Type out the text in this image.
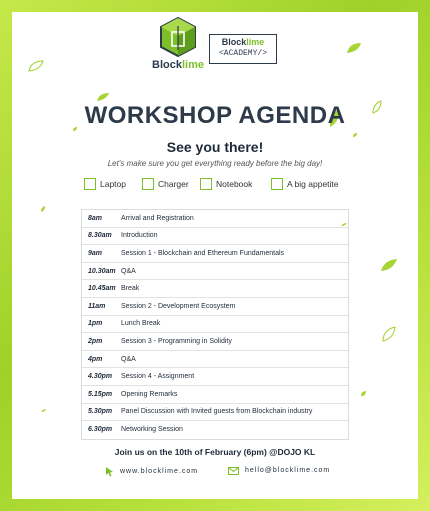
Blocklime
Blocklime
<ACADEMY/>
WORKSHOP AGENDA
See you there!
Let's make sure you get everything ready before the big day!
Laptop	Charger	Notebook	A big appetite
8am	Arrival and Registration
8.30am	Introduction
9am	Session 1 - Blockchain and Ethereum Fundamentals
10.30am Q&A
10.45am Break
11am	Session 2 - Development Ecosystem
1pm	Lunch Break
2pm	Session 3 - Programming in Solidity
4pm	Q&A
4.30pm	Session 4 - Assignment
5.15pm	Opening Remarks
5.30pm	Panel Discussion with Invited guests from Blockchain industry
6.30pm	Networking Session
Join us on the 10th of February (6pm) @DOJO KL
www.blocklime.com	hello@blocklime.com
